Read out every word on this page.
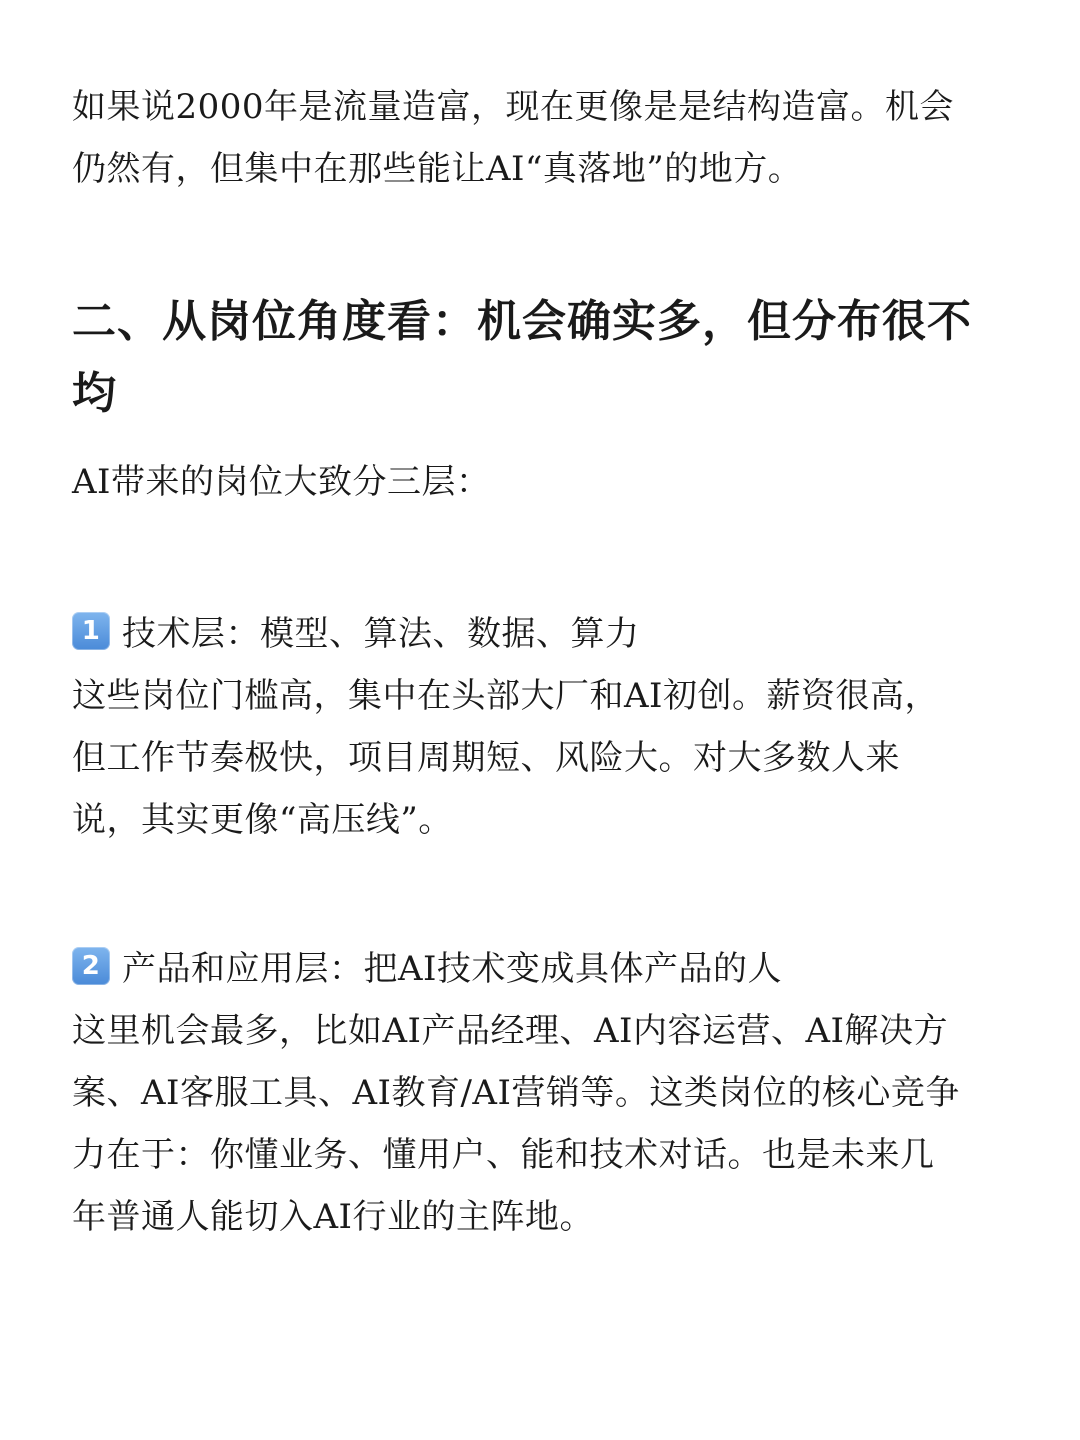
如果说2000年是流量造富，现在更像是是结构造富。机会
仍然有，但集中在那些能让AI“真落地”的地方。

二、从岗位角度看：机会确实多，但分布很不
均

AI带来的岗位大致分三层：

1 技术层：模型、算法、数据、算力
这些岗位门槛高，集中在头部大厂和AI初创。薪资很高，
但工作节奏极快，项目周期短、风险大。对大多数人来
说，其实更像“高压线”。
2 产品和应用层：把AI技术变成具体产品的人
这里机会最多，比如AI产品经理、AI内容运营、AI解决方
案、AI客服工具、AI教育/AI营销等。这类岗位的核心竞争
力在于：你懂业务、懂用户、能和技术对话。也是未来几
年普通人能切入AI行业的主阵地。
